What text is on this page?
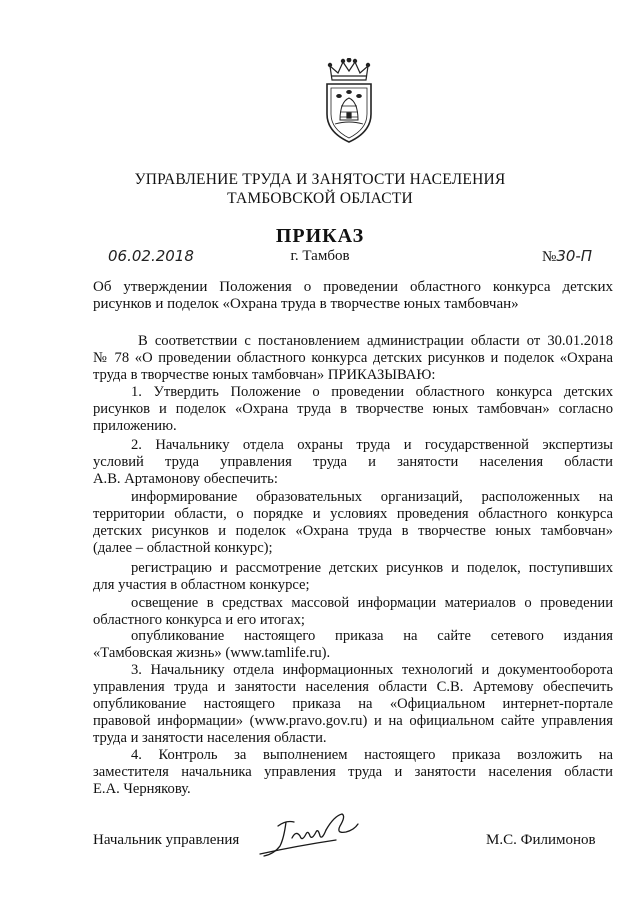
УПРАВЛЕНИЕ ТРУДА И ЗАНЯТОСТИ НАСЕЛЕНИЯ
ТАМБОВСКОЙ ОБЛАСТИ
ПРИКАЗ
г. Тамбов
06.02.2018	№30-П
Об утверждении Положения о проведении областного конкурса детских рисунков и поделок «Охрана труда в творчестве юных тамбовчан»
В соответствии с постановлением администрации области от 30.01.2018
№ 78 «О проведении областного конкурса детских рисунков и поделок «Охрана
труда в творчестве юных тамбовчан» ПРИКАЗЫВАЮ:
1. Утвердить Положение о проведении областного конкурса детских
рисунков и поделок «Охрана труда в творчестве юных тамбовчан» согласно
приложению.
2. Начальнику отдела охраны труда и государственной экспертизы
условий труда управления труда и занятости населения области
А.В. Артамонову обеспечить:
информирование образовательных организаций, расположенных на
территории области, о порядке и условиях проведения областного конкурса
детских рисунков и поделок «Охрана труда в творчестве юных тамбовчан»
(далее – областной конкурс);
регистрацию и рассмотрение детских рисунков и поделок, поступивших
для участия в областном конкурсе;
освещение в средствах массовой информации материалов о проведении
областного конкурса и его итогах;
опубликование настоящего приказа на сайте сетевого издания
«Тамбовская жизнь» (www.tamlife.ru).
3. Начальнику отдела информационных технологий и документооборота
управления труда и занятости населения области С.В. Артемову обеспечить
опубликование настоящего приказа на «Официальном интернет-портале
правовой информации» (www.pravo.gov.ru) и на официальном сайте управления
труда и занятости населения области.
4. Контроль за выполнением настоящего приказа возложить на
заместителя начальника управления труда и занятости населения области
Е.А. Чернякову.
Начальник управления	М.С. Филимонов
